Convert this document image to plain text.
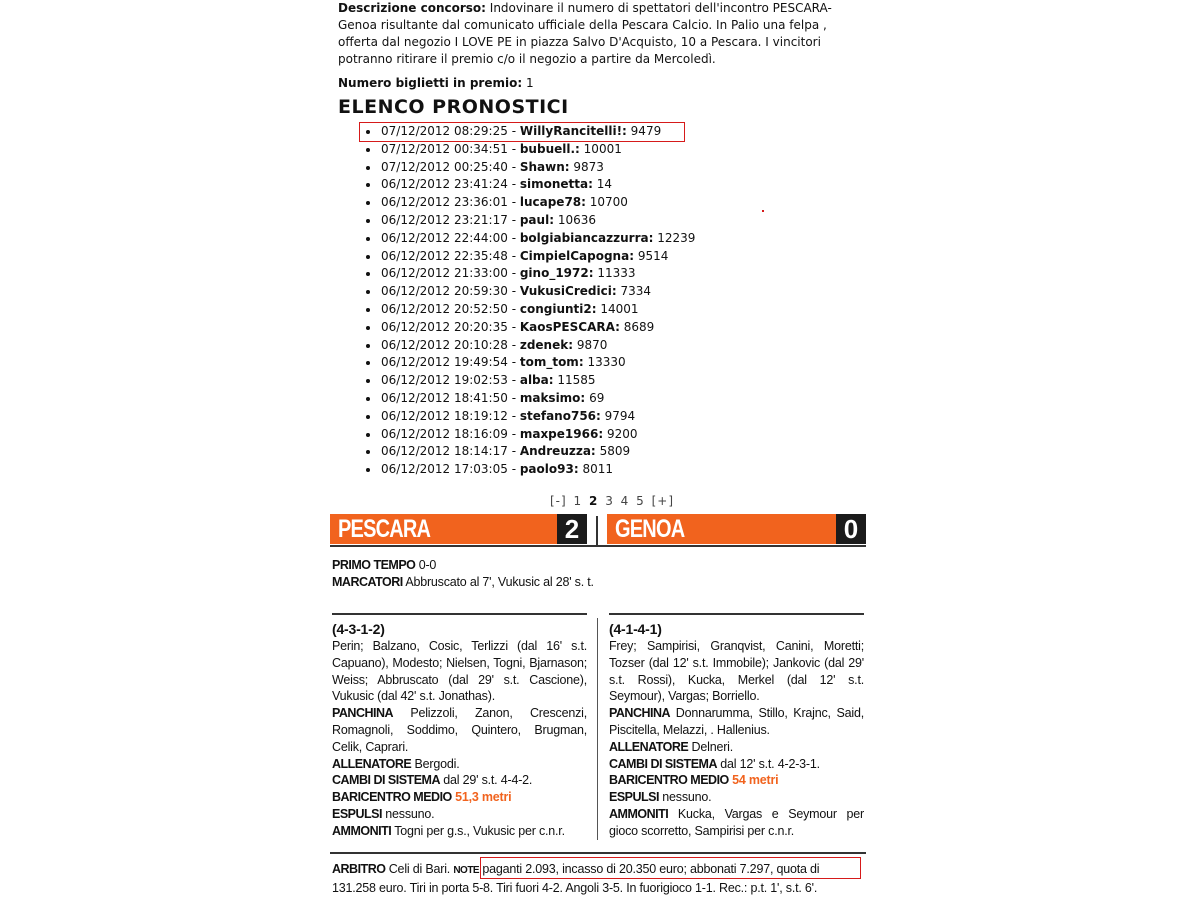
Descrizione concorso: Indovinare il numero di spettatori dell'incontro PESCARA-Genoa risultante dal comunicato ufficiale della Pescara Calcio. In Palio una felpa , offerta dal negozio I LOVE PE in piazza Salvo D'Acquisto, 10 a Pescara. I vincitori potranno ritirare il premio c/o il negozio a partire da Mercoledì.
Numero biglietti in premio: 1
ELENCO PRONOSTICI
07/12/2012 08:29:25 - WillyRancitelli!: 9479
07/12/2012 00:34:51 - bubuell.: 10001
07/12/2012 00:25:40 - Shawn: 9873
06/12/2012 23:41:24 - simonetta: 14
06/12/2012 23:36:01 - lucape78: 10700
06/12/2012 23:21:17 - paul: 10636
06/12/2012 22:44:00 - bolgiabiancazzurra: 12239
06/12/2012 22:35:48 - CimpielCapogna: 9514
06/12/2012 21:33:00 - gino_1972: 11333
06/12/2012 20:59:30 - VukusiCredici: 7334
06/12/2012 20:52:50 - congiunti2: 14001
06/12/2012 20:20:35 - KaosPESCARA: 8689
06/12/2012 20:10:28 - zdenek: 9870
06/12/2012 19:49:54 - tom_tom: 13330
06/12/2012 19:02:53 - alba: 11585
06/12/2012 18:41:50 - maksimo: 69
06/12/2012 18:19:12 - stefano756: 9794
06/12/2012 18:16:09 - maxpe1966: 9200
06/12/2012 18:14:17 - Andreuzza: 5809
06/12/2012 17:03:05 - paolo93: 8011
[-] 1 2 3 4 5 [+]
PESCARA	2	GENOA	0
PRIMO TEMPO 0-0
MARCATORI Abbruscato al 7', Vukusic al 28' s. t.
(4-3-1-2)
Perin; Balzano, Cosic, Terlizzi (dal 16' s.t. Capuano), Modesto; Nielsen, Togni, Bjarnason; Weiss; Abbruscato (dal 29' s.t. Cascione), Vukusic (dal 42' s.t. Jonathas).
PANCHINA Pelizzoli, Zanon, Crescenzi, Romagnoli, Soddimo, Quintero, Brugman, Celik, Caprari.
ALLENATORE Bergodi.
CAMBI DI SISTEMA dal 29' s.t. 4-4-2.
BARICENTRO MEDIO 51,3 metri
ESPULSI nessuno.
AMMONITI Togni per g.s., Vukusic per c.n.r.
(4-1-4-1)
Frey; Sampirisi, Granqvist, Canini, Moretti; Tozser (dal 12' s.t. Immobile); Jankovic (dal 29' s.t. Rossi), Kucka, Merkel (dal 12' s.t. Seymour), Vargas; Borriello.
PANCHINA Donnarumma, Stillo, Krajnc, Said, Piscitella, Melazzi, . Hallenius.
ALLENATORE Delneri.
CAMBI DI SISTEMA dal 12' s.t. 4-2-3-1.
BARICENTRO MEDIO 54 metri
ESPULSI nessuno.
AMMONITI Kucka, Vargas e Seymour per gioco scorretto, Sampirisi per c.n.r.
ARBITRO Celi di Bari. NOTE paganti 2.093, incasso di 20.350 euro; abbonati 7.297, quota di
131.258 euro. Tiri in porta 5-8. Tiri fuori 4-2. Angoli 3-5. In fuorigioco 1-1. Rec.: p.t. 1', s.t. 6'.
